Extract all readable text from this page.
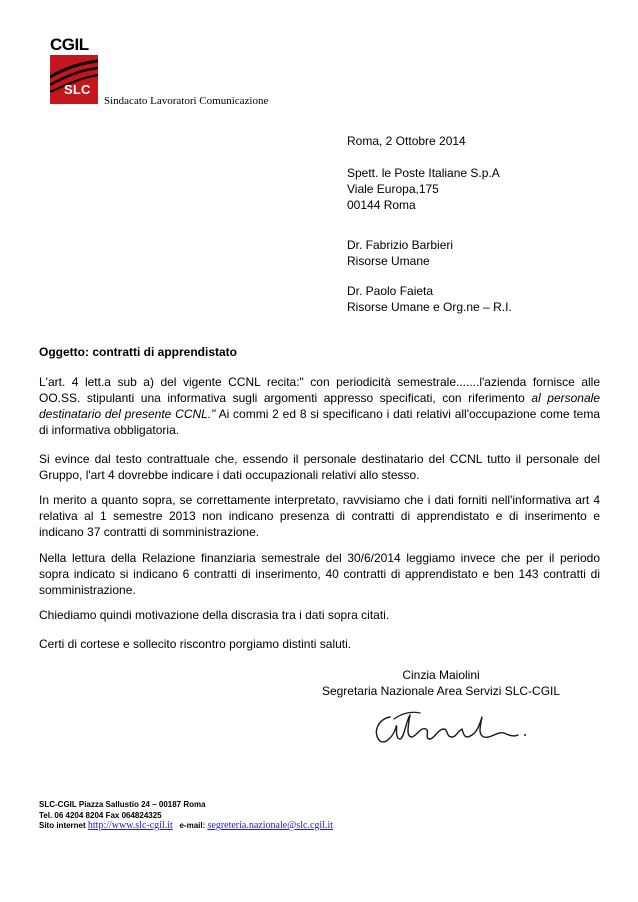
CGIL
SLC
Sindacato Lavoratori Comunicazione
Roma, 2 Ottobre 2014
Spett. le Poste Italiane S.p.A
Viale Europa,175
00144 Roma
Dr. Fabrizio Barbieri
Risorse Umane
Dr. Paolo Faieta
Risorse Umane e Org.ne – R.I.
Oggetto: contratti di apprendistato

L'art. 4 lett.a sub a) del vigente CCNL recita:" con periodicità semestrale.......l'azienda fornisce alle OO.SS. stipulanti una informativa sugli argomenti appresso specificati, con riferimento al personale destinatario del presente CCNL." Ai commi 2 ed 8 si specificano i dati relativi all'occupazione come tema di informativa obbligatoria.

Si evince dal testo contrattuale che, essendo il personale destinatario del CCNL tutto il personale del Gruppo, l'art 4 dovrebbe indicare i dati occupazionali relativi allo stesso.

In merito a quanto sopra, se correttamente interpretato, ravvisiamo che i dati forniti nell'informativa art 4 relativa al 1 semestre 2013 non indicano presenza di contratti di apprendistato e di inserimento e indicano 37 contratti di somministrazione.

Nella lettura della Relazione finanziaria semestrale del 30/6/2014 leggiamo invece che per il periodo sopra indicato si indicano 6 contratti di inserimento, 40 contratti di apprendistato e ben 143 contratti di somministrazione.

Chiediamo quindi motivazione della discrasia tra i dati sopra citati.

Certi di cortese e sollecito riscontro porgiamo distinti saluti.

Cinzia Maiolini
Segretaria Nazionale Area Servizi SLC-CGIL
SLC-CGIL Piazza Sallustio 24 – 00187 Roma
Tel. 06 4204 8204 Fax 064824325
Sito internet http://www.slc-cgil.it   e-mail: segreteria.nazionale@slc.cgil.it
